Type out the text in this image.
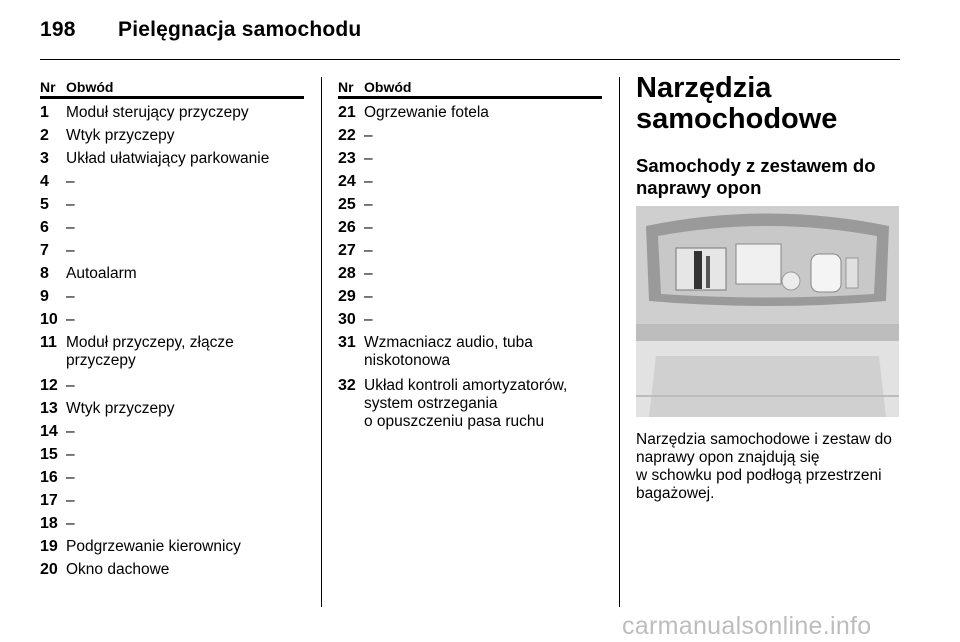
198 Pielęgnacja samochodu
Nr Obwód
1 Moduł sterujący przyczepy
2 Wtyk przyczepy
3 Układ ułatwiający parkowanie
4 –
5 –
6 –
7 –
8 Autoalarm
9 –
10 –
11 Moduł przyczepy, złącze
przyczepy
12 –
13 Wtyk przyczepy
14 –
15 –
16 –
17 –
18 –
19 Podgrzewanie kierownicy
20 Okno dachowe
Nr Obwód
21 Ogrzewanie fotela
22 –
23 –
24 –
25 –
26 –
27 –
28 –
29 –
30 –
31 Wzmacniacz audio, tuba
niskotonowa
32 Układ kontroli amortyzatorów,
system ostrzegania
o opuszczeniu pasa ruchu
Narzędzia
samochodowe
Samochody z zestawem do
naprawy opon
Narzędzia samochodowe i zestaw do
naprawy opon znajdują się
w schowku pod podłogą przestrzeni
bagażowej.
carmanualsonline.info
